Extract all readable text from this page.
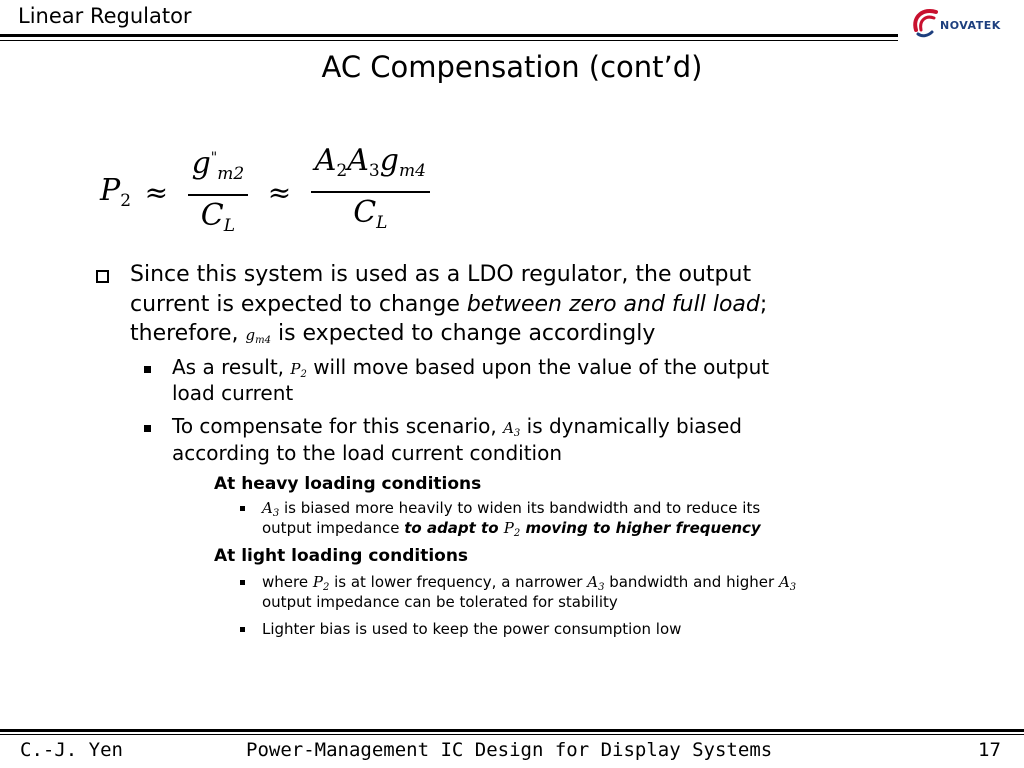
Linear Regulator	NOVATEK
AC Compensation (cont’d)
$P_2 \approx \frac{g^"_{m2}}{C_L} \approx \frac{A_2A_3g_{m4}}{C_L}$
Since this system is used as a LDO regulator, the output
current is expected to change between zero and full load;
therefore, $g_{m4}$ is expected to change accordingly
As a result, $P_2$ will move based upon the value of the output
load current
To compensate for this scenario, $A_3$ is dynamically biased
according to the load current condition
At heavy loading conditions
$A_3$ is biased more heavily to widen its bandwidth and to reduce its
output impedance to adapt to $P_2$ moving to higher frequency
At light loading conditions
where $P_2$ is at lower frequency, a narrower $A_3$ bandwidth and higher $A_3$
output impedance can be tolerated for stability
Lighter bias is used to keep the power consumption low
C.-J. Yen	Power-Management IC Design for Display Systems	17
